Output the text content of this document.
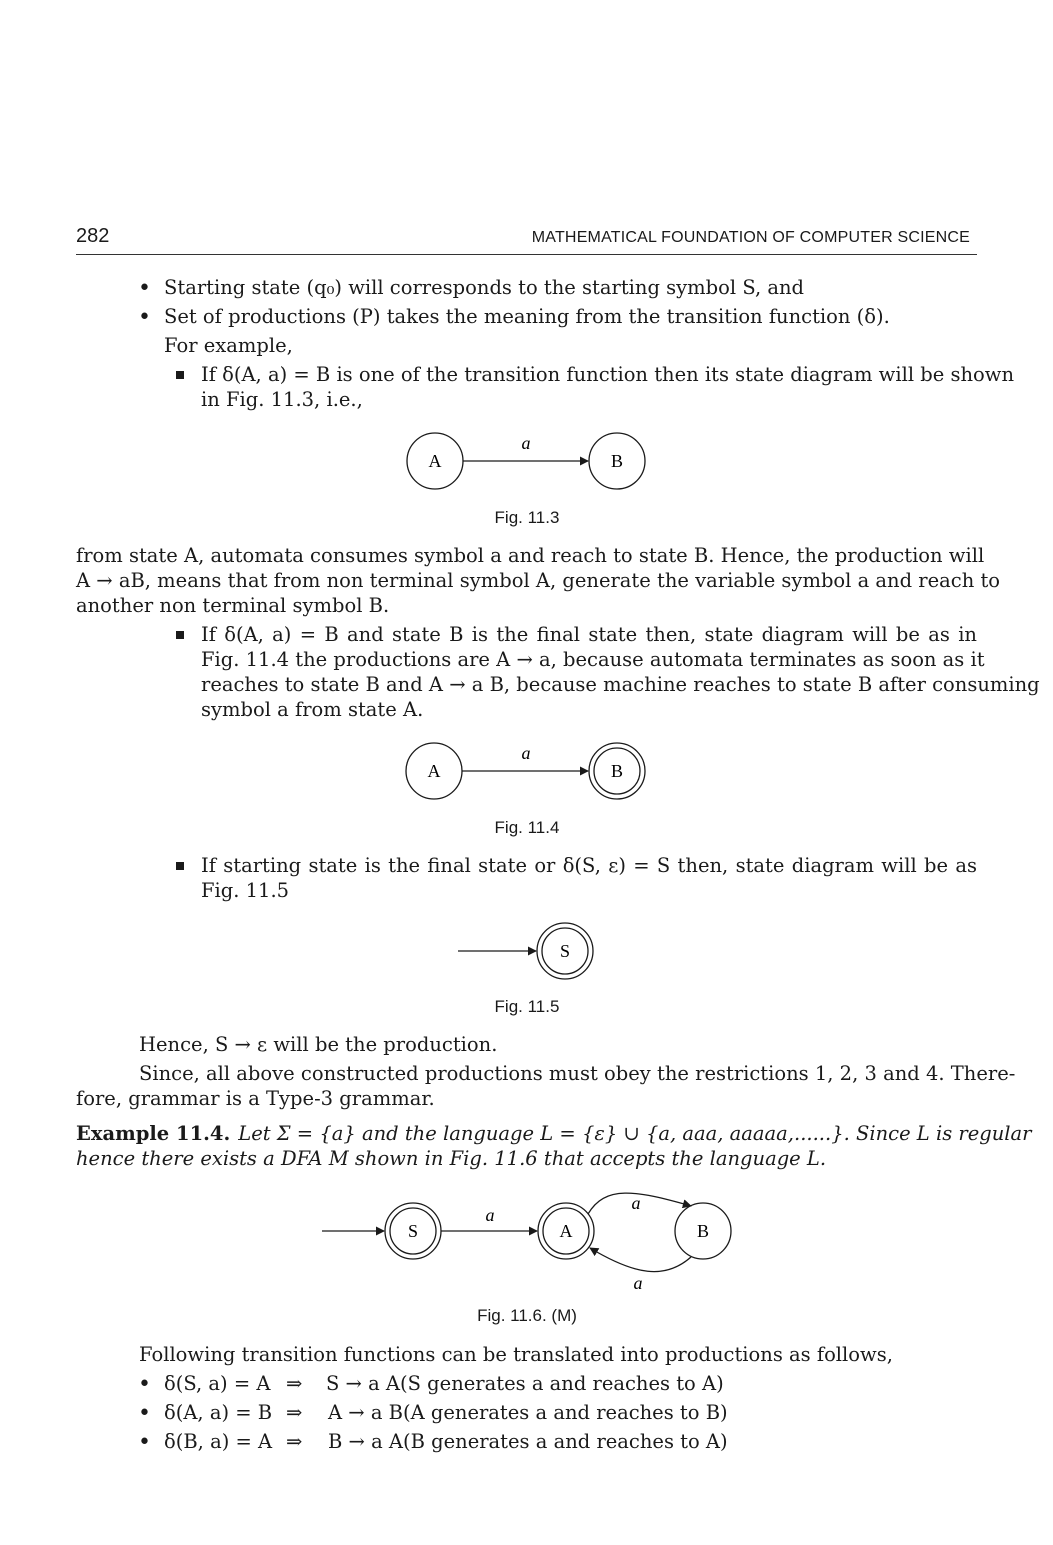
282	MATHEMATICAL FOUNDATION OF COMPUTER SCIENCE
• Starting state (q₀) will corresponds to the starting symbol S, and
• Set of productions (P) takes the meaning from the transition function (δ).
For example,
If δ(A, a) = B is one of the transition function then its state diagram will be shown
in Fig. 11.3, i.e.,
A	B
a
Fig. 11.3
from state A, automata consumes symbol a and reach to state B. Hence, the production will
A → aB, means that from non terminal symbol A, generate the variable symbol a and reach to
another non terminal symbol B.
If δ(A, a) = B and state B is the final state then, state diagram will be as in
Fig. 11.4 the productions are A → a, because automata terminates as soon as it
reaches to state B and A → a B, because machine reaches to state B after consuming
symbol a from state A.
A	B
a
Fig. 11.4
If starting state is the final state or δ(S, ε) = S then, state diagram will be as
Fig. 11.5
S
Fig. 11.5
Hence, S → ε will be the production.
Since, all above constructed productions must obey the restrictions 1, 2, 3 and 4. There-
fore, grammar is a Type-3 grammar.
Example 11.4. Let Σ = {a} and the language L = {ε} ∪ {a, aaa, aaaaa,......}. Since L is regular
hence there exists a DFA M shown in Fig. 11.6 that accepts the language L.
S	A	B
a
a
a
Fig. 11.6. (M)
Following transition functions can be translated into productions as follows,
• δ(S, a) = A ⇒ S → a A(S generates a and reaches to A)
• δ(A, a) = B ⇒ A → a B(A generates a and reaches to B)
• δ(B, a) = A ⇒ B → a A(B generates a and reaches to A)
